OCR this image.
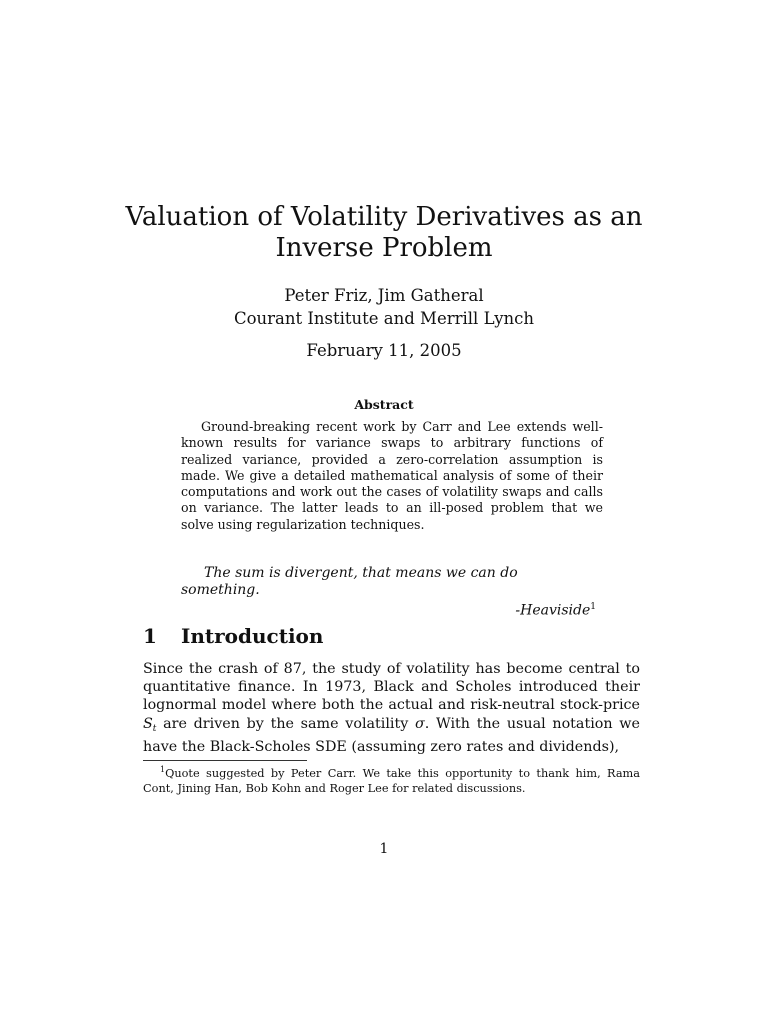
Valuation of Volatility Derivatives as an
Inverse Problem
Peter Friz, Jim Gatheral
Courant Institute and Merrill Lynch
February 11, 2005
Abstract

Ground-breaking recent work by Carr and Lee extends well-known results for variance swaps to arbitrary functions of realized variance, provided a zero-correlation assumption is made. We give a detailed mathematical analysis of some of their computations and work out the cases of volatility swaps and calls on variance. The latter leads to an ill-posed problem that we solve using regularization techniques.

The sum is divergent, that means we can do something.
-Heaviside$^1$
1 Introduction

Since the crash of 87, the study of volatility has become central to quantitative finance. In 1973, Black and Scholes introduced their lognormal model where both the actual and risk-neutral stock-price $S_t$ are driven by the same volatility σ. With the usual notation we have the Black-Scholes SDE (assuming zero rates and dividends),

$^1$Quote suggested by Peter Carr. We take this opportunity to thank him, Rama Cont, Jining Han, Bob Kohn and Roger Lee for related discussions.

1
